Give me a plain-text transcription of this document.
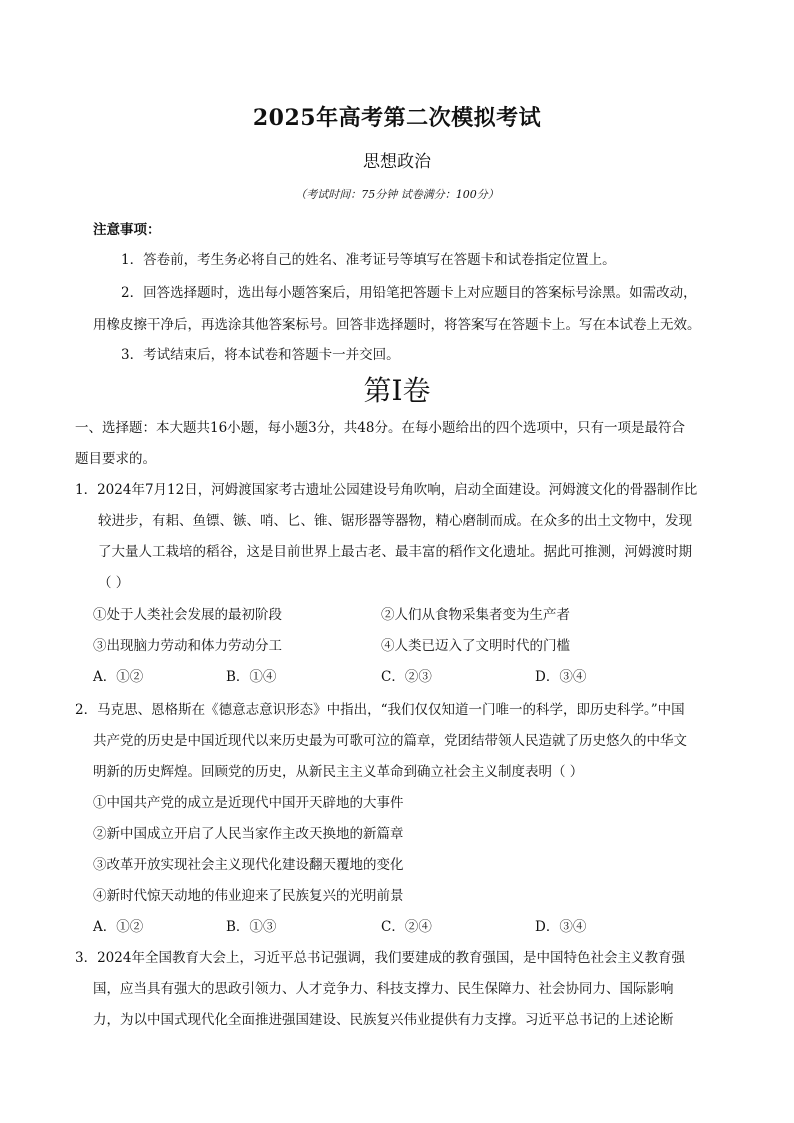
2025年高考第二次模拟考试
思想政治
（考试时间：75分钟 试卷满分：100分）
注意事项：
1．答卷前，考生务必将自己的姓名、准考证号等填写在答题卡和试卷指定位置上。
2．回答选择题时，选出每小题答案后，用铅笔把答题卡上对应题目的答案标号涂黑。如需改动，
用橡皮擦干净后，再选涂其他答案标号。回答非选择题时，将答案写在答题卡上。写在本试卷上无效。
3．考试结束后，将本试卷和答题卡一并交回。
第Ⅰ卷
一、选择题：本大题共16小题，每小题3分，共48分。在每小题给出的四个选项中，只有一项是最符合
题目要求的。
1．2024年7月12日，河姆渡国家考古遗址公园建设号角吹响，启动全面建设。河姆渡文化的骨器制作比
较进步，有耜、鱼镖、镞、哨、匕、锥、锯形器等器物，精心磨制而成。在众多的出土文物中，发现
了大量人工栽培的稻谷，这是目前世界上最古老、最丰富的稻作文化遗址。据此可推测，河姆渡时期
（ ）
①处于人类社会发展的最初阶段	②人们从食物采集者变为生产者
③出现脑力劳动和体力劳动分工	④人类已迈入了文明时代的门槛
A．①②	B．①④	C．②③	D．③④
2．马克思、恩格斯在《德意志意识形态》中指出，“我们仅仅知道一门唯一的科学，即历史科学。”中国
共产党的历史是中国近现代以来历史最为可歌可泣的篇章，党团结带领人民造就了历史悠久的中华文
明新的历史辉煌。回顾党的历史，从新民主主义革命到确立社会主义制度表明（ ）
①中国共产党的成立是近现代中国开天辟地的大事件
②新中国成立开启了人民当家作主改天换地的新篇章
③改革开放实现社会主义现代化建设翻天覆地的变化
④新时代惊天动地的伟业迎来了民族复兴的光明前景
A．①②	B．①③	C．②④	D．③④
3．2024年全国教育大会上，习近平总书记强调，我们要建成的教育强国，是中国特色社会主义教育强
国，应当具有强大的思政引领力、人才竞争力、科技支撑力、民生保障力、社会协同力、国际影响
力，为以中国式现代化全面推进强国建设、民族复兴伟业提供有力支撑。习近平总书记的上述论断
